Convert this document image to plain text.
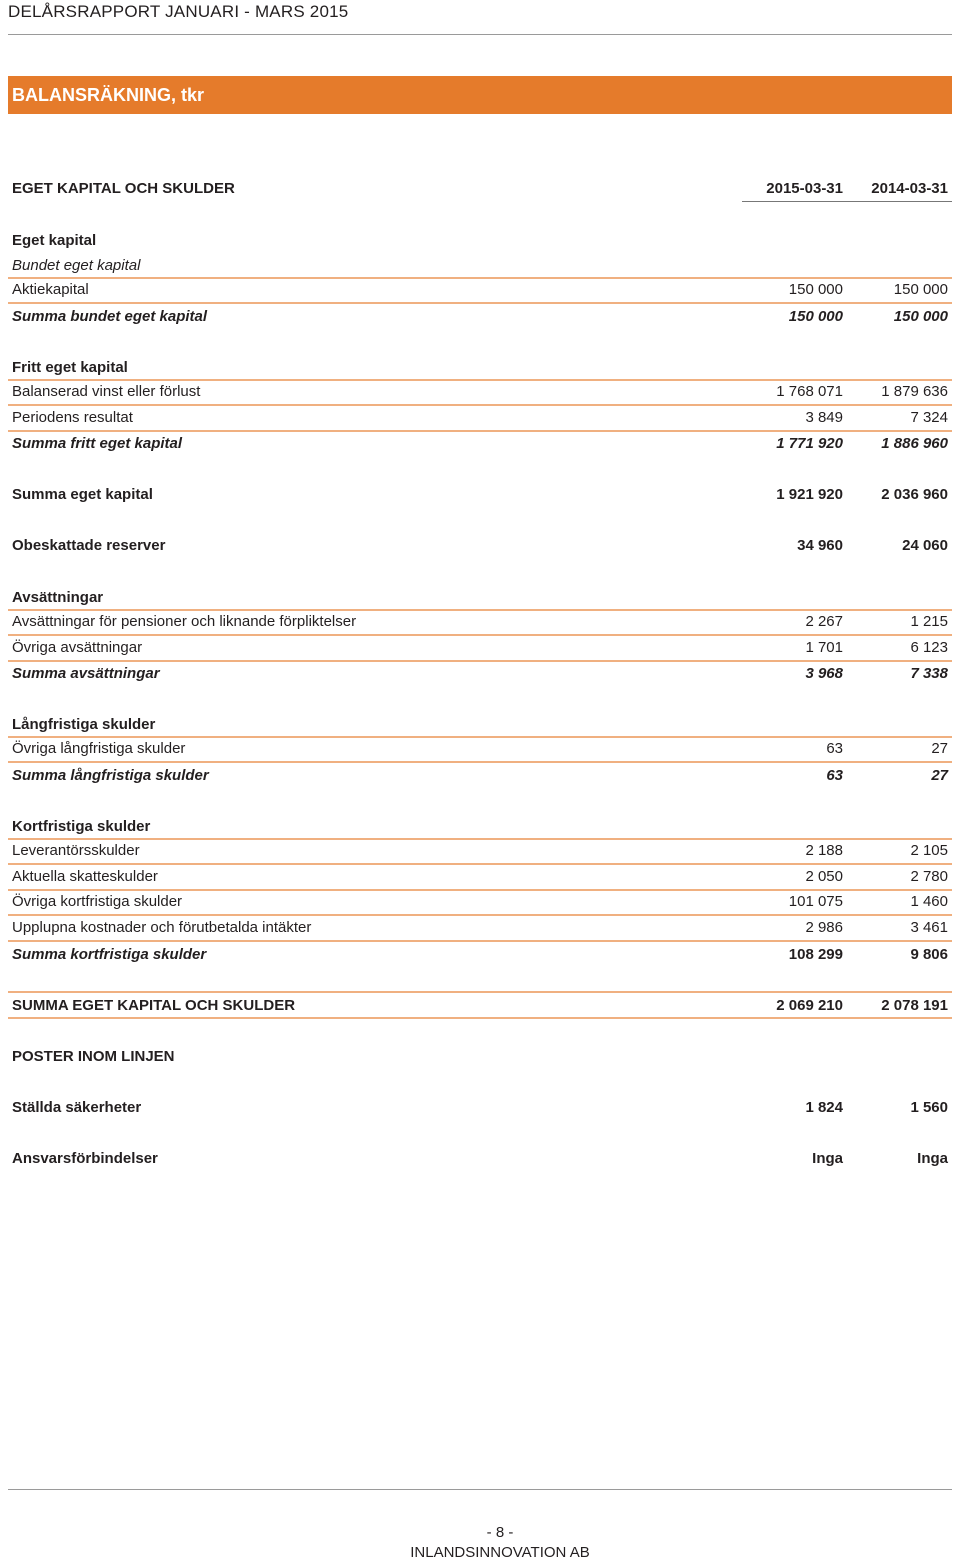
DELÅRSRAPPORT JANUARI - MARS 2015
BALANSRÄKNING, tkr
EGET KAPITAL OCH SKULDER	2015-03-31 2014-03-31
Eget kapital
Bundet eget kapital
Aktiekapital	150 000	150 000
Summa bundet eget kapital	150 000	150 000
Fritt eget kapital
Balanserad vinst eller förlust	1 768 071	1 879 636
Periodens resultat	3 849	7 324
Summa fritt eget kapital	1 771 920	1 886 960
Summa eget kapital	1 921 920	2 036 960
Obeskattade reserver	34 960	24 060
Avsättningar
Avsättningar för pensioner och liknande förpliktelser	2 267	1 215
Övriga avsättningar	1 701	6 123
Summa avsättningar	3 968	7 338
Långfristiga skulder
Övriga långfristiga skulder	63	27
Summa långfristiga skulder	63	27
Kortfristiga skulder
Leverantörsskulder	2 188	2 105
Aktuella skatteskulder	2 050	2 780
Övriga kortfristiga skulder	101 075	1 460
Upplupna kostnader och förutbetalda intäkter	2 986	3 461
Summa kortfristiga skulder	108 299	9 806
SUMMA EGET KAPITAL OCH SKULDER	2 069 210	2 078 191
POSTER INOM LINJEN
Ställda säkerheter	1 824	1 560
Ansvarsförbindelser	Inga	Inga
- 8 -
INLANDSINNOVATION AB
